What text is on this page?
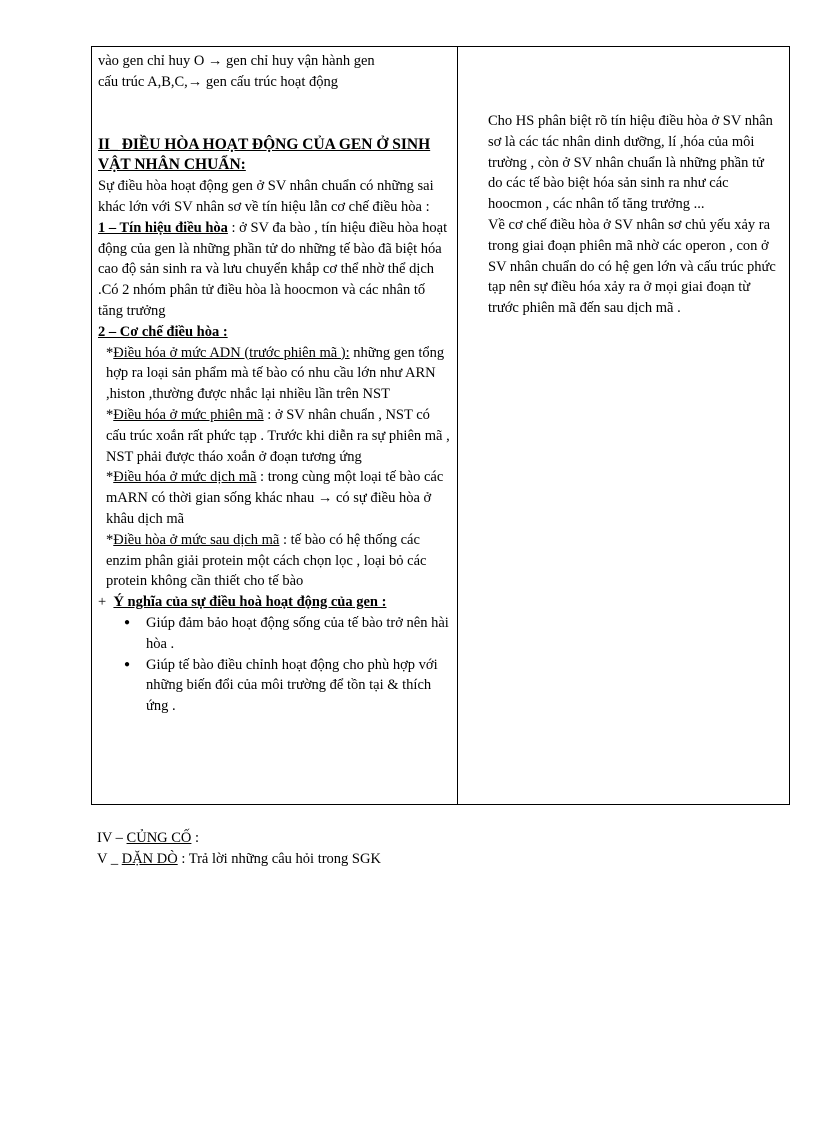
vào gen chỉ huy O → gen chỉ huy vận hành gen

cấu trúc A,B,C,→ gen cấu trúc hoạt động

II_ ĐIỀU HÒA HOẠT ĐỘNG CỦA GEN Ở SINH VẬT NHÂN CHUẨN:

Sự điều hòa hoạt động gen ở SV nhân chuẩn có những sai khác lớn với SV nhân sơ về tín hiệu lẫn cơ chế điều hòa :

1 – Tín hiệu điều hòa : ở SV đa bào , tín hiệu điều hòa hoạt động của gen là những phần tử do những tế bào đã biệt hóa cao độ sản sinh ra và lưu chuyển khắp cơ thể nhờ thể dịch .Có 2 nhóm phân tử điều hòa là hoocmon và các nhân tố tăng trưởng

2 – Cơ chế điều hòa :

*Điều hóa ở mức ADN (trước phiên mã ): những gen tổng hợp ra loại sản phẩm mà tế bào có nhu cầu lớn như ARN ,histon ,thường được nhắc lại nhiều lần trên NST

*Điều hóa ở mức phiên mã : ở SV nhân chuẩn , NST có cấu trúc xoắn rất phức tạp . Trước khi diễn ra sự phiên mã , NST phải được tháo xoắn ở đoạn tương ứng

*Điều hóa ở mức dịch mã : trong cùng một loại tế bào các mARN có thời gian sống khác nhau → có sự điều hòa ở khâu dịch mã

*Điều hòa ở mức sau dịch mã : tế bào có hệ thống các enzim phân giải protein một cách chọn lọc , loại bỏ các protein không cần thiết cho tế bào

+ Ý nghĩa của sự điều hoà hoạt động của gen :

● Giúp đảm bảo hoạt động sống của tế bào trở nên hài hòa .
● Giúp tế bào điều chỉnh hoạt động cho phù hợp với những biến đổi của môi trường để tồn tại & thích ứng .

Cho HS phân biệt rõ tín hiệu điều hòa ở SV nhân sơ là các tác nhân dinh dưỡng, lí ,hóa của môi trường , còn ở SV nhân chuẩn là những phần tử do các tế bào biệt hóa sản sinh ra như các hoocmon , các nhân tố tăng trưởng ...

Về cơ chế điều hòa ở SV nhân sơ chủ yếu xảy ra trong giai đoạn phiên mã nhờ các operon , con ở SV nhân chuẩn do có hệ gen lớn và cấu trúc phức tạp nên sự điều hóa xảy ra ở mọi giai đoạn từ trước phiên mã đến sau dịch mã .

IV – CỦNG CỐ :

V _ DẶN DÒ : Trả lời những câu hỏi trong SGK
